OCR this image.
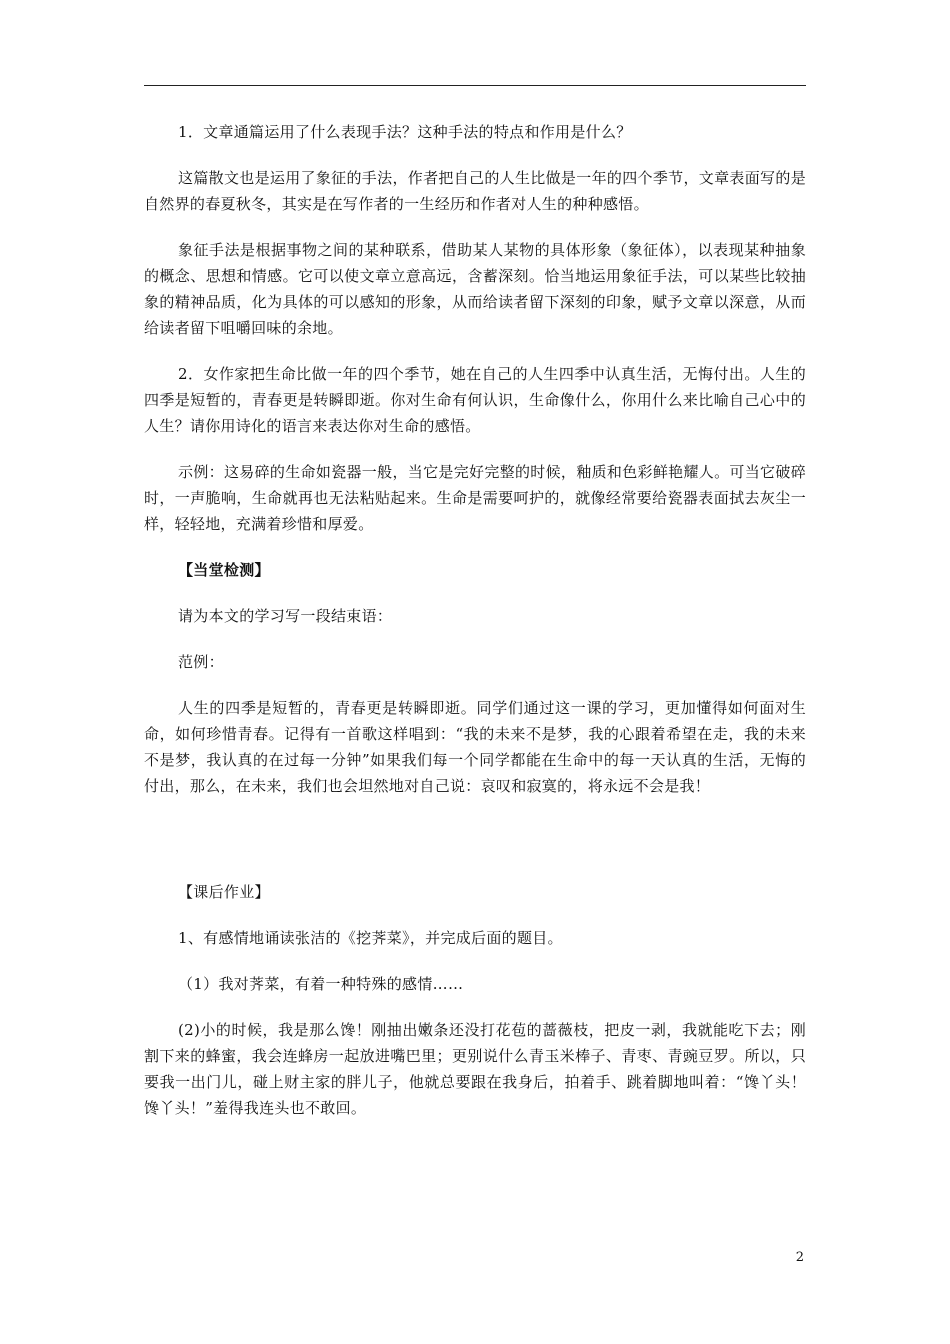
1．文章通篇运用了什么表现手法？这种手法的特点和作用是什么？

这篇散文也是运用了象征的手法，作者把自己的人生比做是一年的四个季节，文章表面写的是自然界的春夏秋冬，其实是在写作者的一生经历和作者对人生的种种感悟。

象征手法是根据事物之间的某种联系，借助某人某物的具体形象（象征体），以表现某种抽象的概念、思想和情感。它可以使文章立意高远，含蓄深刻。恰当地运用象征手法，可以某些比较抽象的精神品质，化为具体的可以感知的形象，从而给读者留下深刻的印象，赋予文章以深意，从而给读者留下咀嚼回味的余地。

2．女作家把生命比做一年的四个季节，她在自己的人生四季中认真生活，无悔付出。人生的四季是短暂的，青春更是转瞬即逝。你对生命有何认识，生命像什么，你用什么来比喻自己心中的人生？请你用诗化的语言来表达你对生命的感悟。

示例：这易碎的生命如瓷器一般，当它是完好完整的时候，釉质和色彩鲜艳耀人。可当它破碎时，一声脆响，生命就再也无法粘贴起来。生命是需要呵护的，就像经常要给瓷器表面拭去灰尘一样，轻轻地，充满着珍惜和厚爱。

【当堂检测】

请为本文的学习写一段结束语：

范例：

人生的四季是短暂的，青春更是转瞬即逝。同学们通过这一课的学习，更加懂得如何面对生命，如何珍惜青春。记得有一首歌这样唱到：“我的未来不是梦，我的心跟着希望在走，我的未来不是梦，我认真的在过每一分钟”如果我们每一个同学都能在生命中的每一天认真的生活，无悔的付出，那么，在未来，我们也会坦然地对自己说：哀叹和寂寞的，将永远不会是我！

【课后作业】

1、有感情地诵读张洁的《挖荠菜》，并完成后面的题目。

（1）我对荠菜，有着一种特殊的感情……

(2)小的时候，我是那么馋！刚抽出嫩条还没打花苞的蔷薇枝，把皮一剥，我就能吃下去；刚割下来的蜂蜜，我会连蜂房一起放进嘴巴里；更别说什么青玉米棒子、青枣、青豌豆罗。所以，只要我一出门儿，碰上财主家的胖儿子，他就总要跟在我身后，拍着手、跳着脚地叫着：“馋丫头！馋丫头！”羞得我连头也不敢回。

2
